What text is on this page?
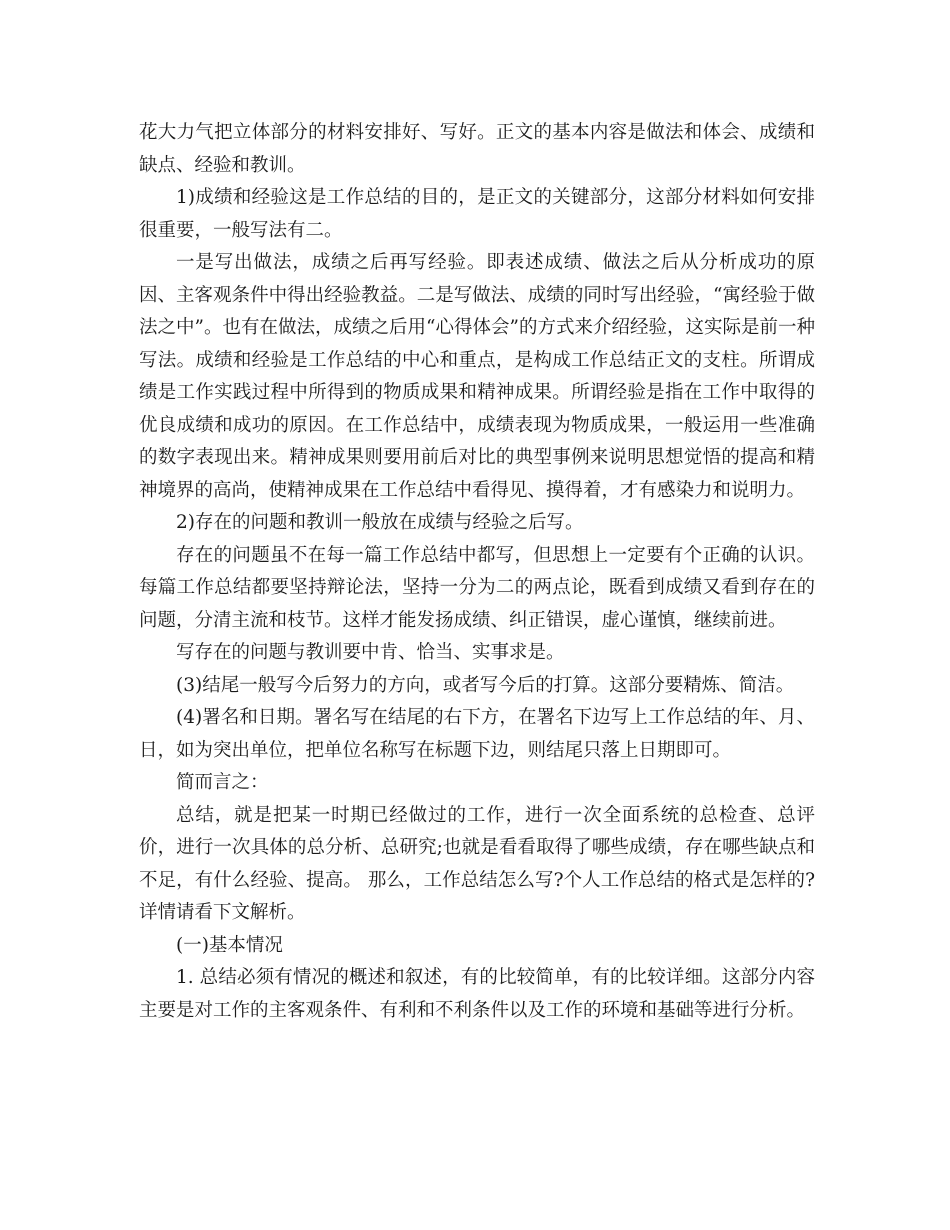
花大力气把立体部分的材料安排好、写好。正文的基本内容是做法和体会、成绩和缺点、经验和教训。

1)成绩和经验这是工作总结的目的，是正文的关键部分，这部分材料如何安排很重要，一般写法有二。

一是写出做法，成绩之后再写经验。即表述成绩、做法之后从分析成功的原因、主客观条件中得出经验教益。二是写做法、成绩的同时写出经验，“寓经验于做法之中”。也有在做法，成绩之后用“心得体会”的方式来介绍经验，这实际是前一种写法。成绩和经验是工作总结的中心和重点，是构成工作总结正文的支柱。所谓成绩是工作实践过程中所得到的物质成果和精神成果。所谓经验是指在工作中取得的优良成绩和成功的原因。在工作总结中，成绩表现为物质成果，一般运用一些准确的数字表现出来。精神成果则要用前后对比的典型事例来说明思想觉悟的提高和精神境界的高尚，使精神成果在工作总结中看得见、摸得着，才有感染力和说明力。

2)存在的问题和教训一般放在成绩与经验之后写。

存在的问题虽不在每一篇工作总结中都写，但思想上一定要有个正确的认识。每篇工作总结都要坚持辩论法，坚持一分为二的两点论，既看到成绩又看到存在的问题，分清主流和枝节。这样才能发扬成绩、纠正错误，虚心谨慎，继续前进。

写存在的问题与教训要中肯、恰当、实事求是。

(3)结尾一般写今后努力的方向，或者写今后的打算。这部分要精炼、简洁。

(4)署名和日期。署名写在结尾的右下方，在署名下边写上工作总结的年、月、日，如为突出单位，把单位名称写在标题下边，则结尾只落上日期即可。

简而言之：

总结，就是把某一时期已经做过的工作，进行一次全面系统的总检查、总评价，进行一次具体的总分析、总研究;也就是看看取得了哪些成绩，存在哪些缺点和不足，有什么经验、提高。 那么，工作总结怎么写?个人工作总结的格式是怎样的?详情请看下文解析。

(一)基本情况

1. 总结必须有情况的概述和叙述，有的比较简单，有的比较详细。这部分内容主要是对工作的主客观条件、有利和不利条件以及工作的环境和基础等进行分析。
